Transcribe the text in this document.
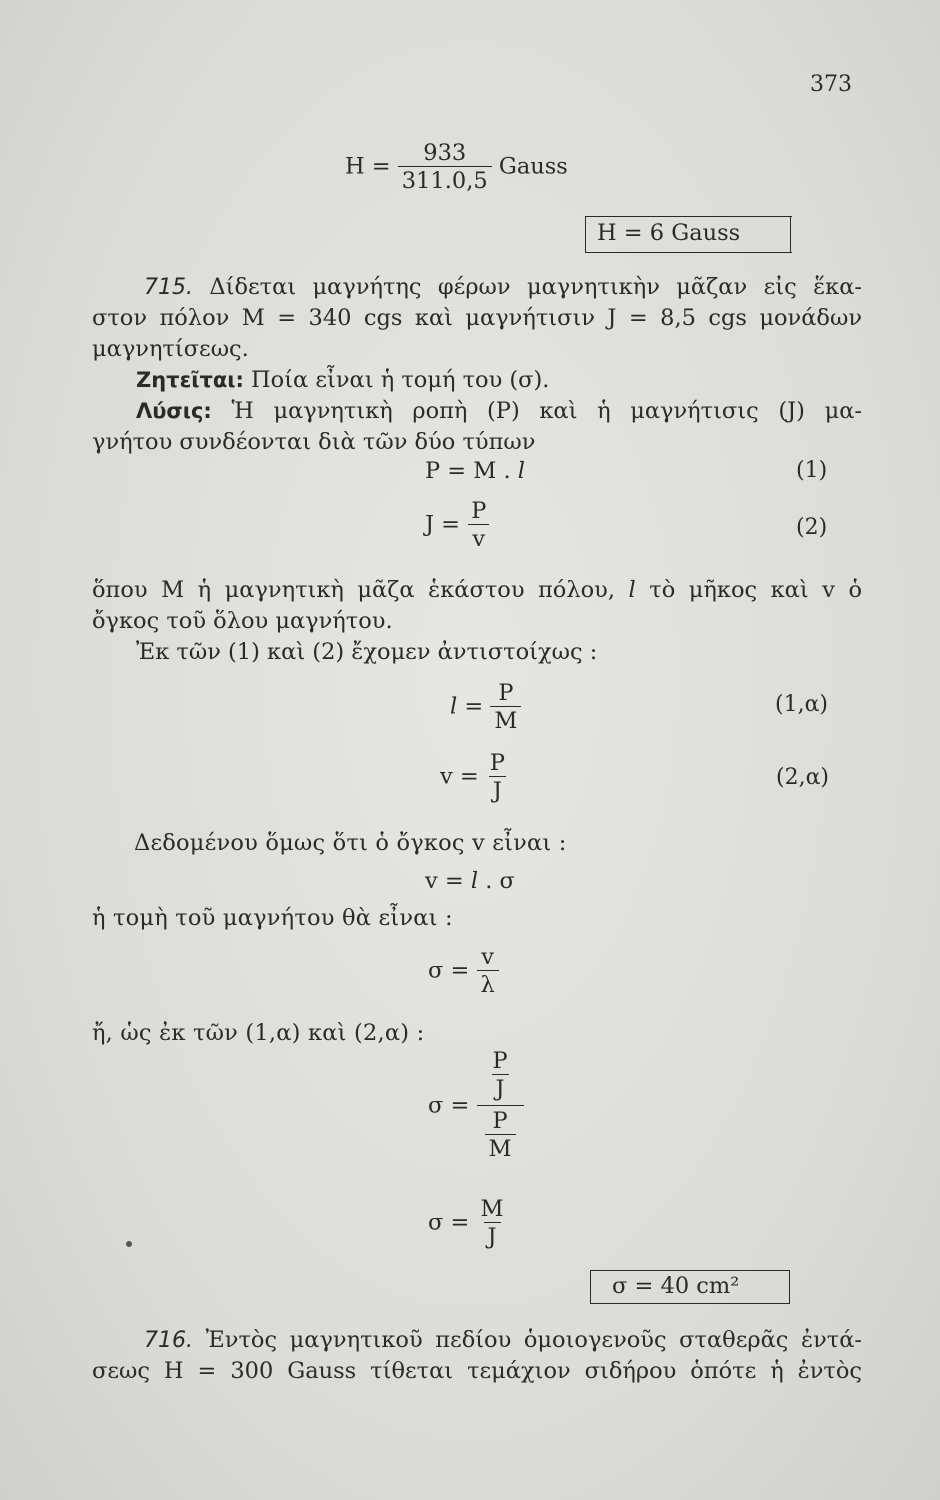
373
$H = \frac{933}{311.0,5}$ Gauss
H = 6 Gauss
715. Δίδεται μαγνήτης φέρων μαγνητικὴν μᾶζαν εἰς ἕκα-
στον πόλον M = 340 cgs καὶ μαγνήτισιν J = 8,5 cgs μονάδων
μαγνητίσεως.
Ζητεῖται: Ποία εἶναι ἡ τομή του (σ).
Λύσις: Ἡ μαγνητικὴ ροπὴ (P) καὶ ἡ μαγνήτισις (J) μα-
γνήτου συνδέονται διὰ τῶν δύο τύπων
P = M . l	(1)
$J = \frac{P}{v}$	(2)
ὅπου M ἡ μαγνητικὴ μᾶζα ἑκάστου πόλου, l τὸ μῆκος καὶ v ὁ
ὄγκος τοῦ ὅλου μαγνήτου.
Ἐκ τῶν (1) καὶ (2) ἔχομεν ἀντιστοίχως :
$l = \frac{P}{M}$	(1,α)
$v = \frac{P}{J}$	(2,α)
Δεδομένου ὅμως ὅτι ὁ ὄγκος v εἶναι :
v = l . σ
ἡ τομὴ τοῦ μαγνήτου θὰ εἶναι :
$\sigma = \frac{v}{\lambda}$
ἤ, ὡς ἐκ τῶν (1,α) καὶ (2,α) :
$\sigma = \frac{\frac{P}{J}}{\frac{P}{M}}$
$\sigma = \frac{M}{J}$
σ = 40 cm²
716. Ἐντὸς μαγνητικοῦ πεδίου ὁμοιογενοῦς σταθερᾶς ἐντά-
σεως H = 300 Gauss τίθεται τεμάχιον σιδήρου ὁπότε ἡ ἐντὸς
